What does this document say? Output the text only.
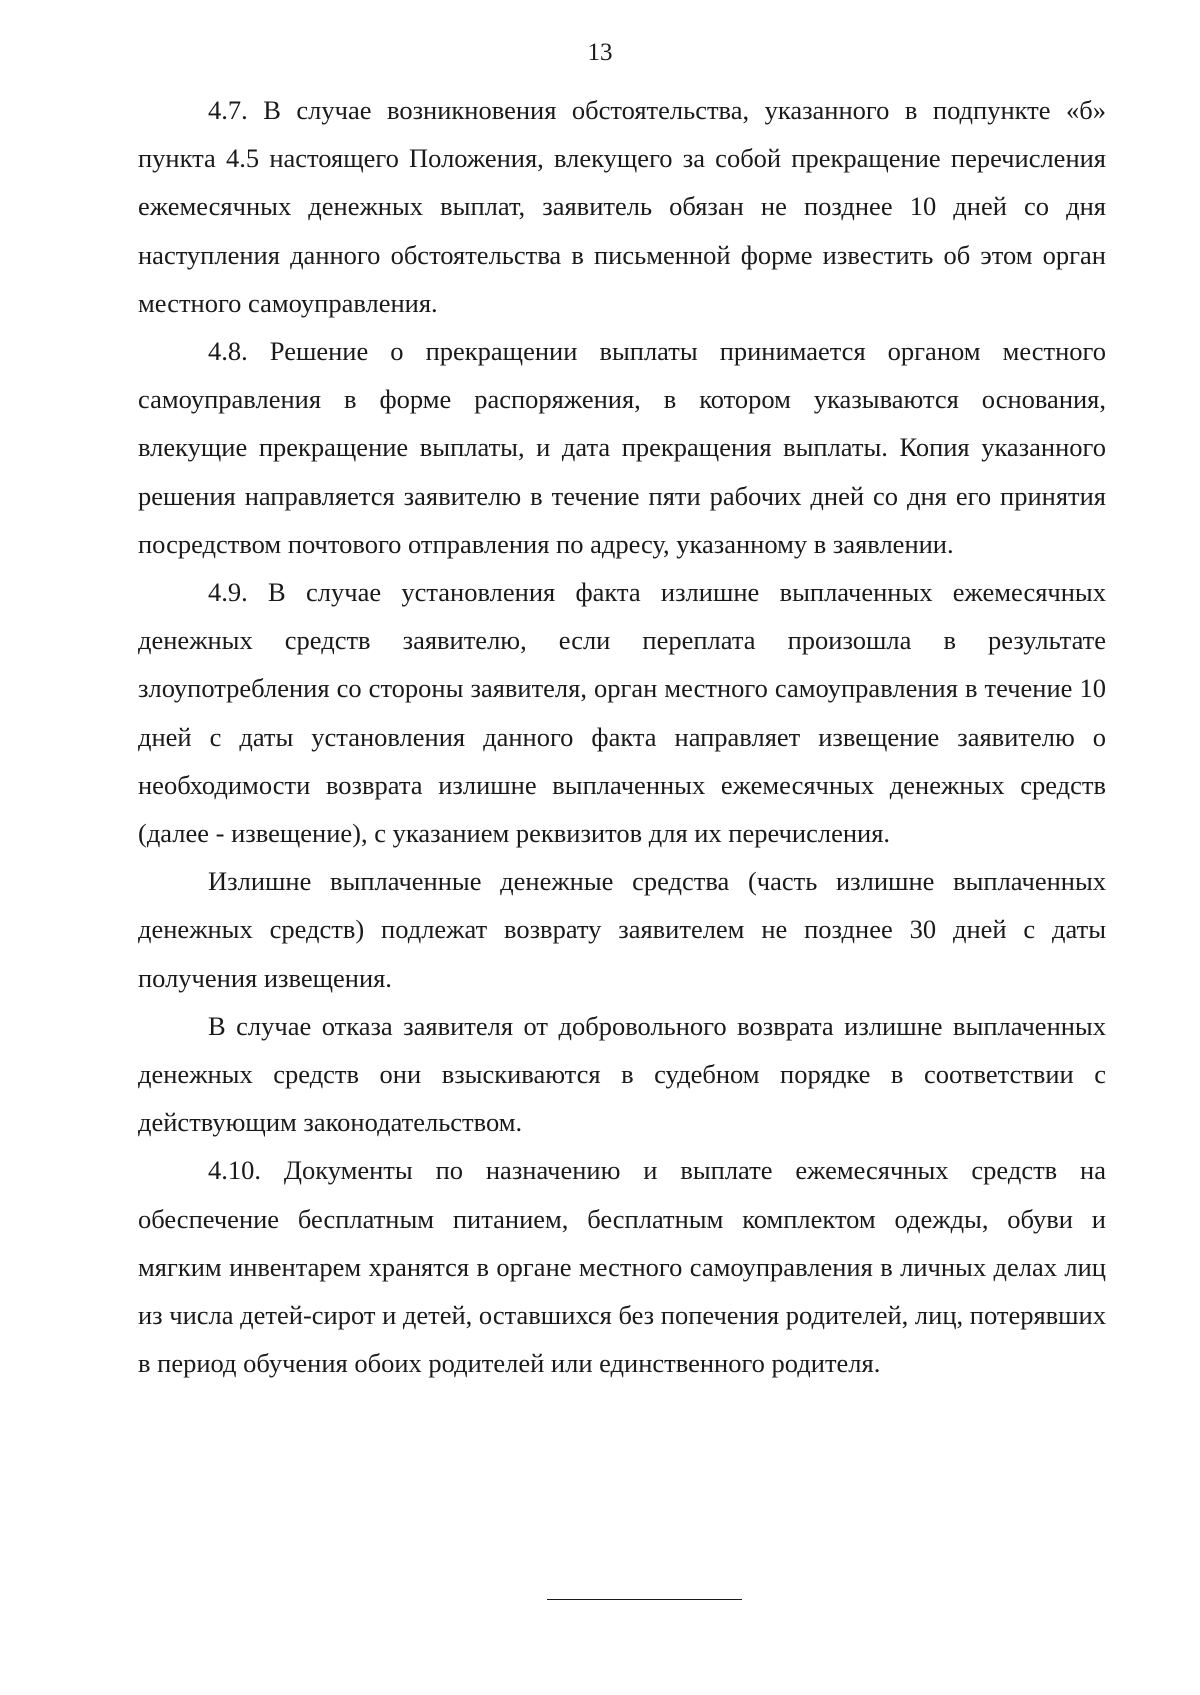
13

4.7. В случае возникновения обстоятельства, указанного в подпункте «б» пункта 4.5 настоящего Положения, влекущего за собой прекращение перечисления ежемесячных денежных выплат, заявитель обязан не позднее 10 дней со дня наступления данного обстоятельства в письменной форме известить об этом орган местного самоуправления.

4.8. Решение о прекращении выплаты принимается органом местного самоуправления в форме распоряжения, в котором указываются основания, влекущие прекращение выплаты, и дата прекращения выплаты. Копия указанного решения направляется заявителю в течение пяти рабочих дней со дня его принятия посредством почтового отправления по адресу, указанному в заявлении.

4.9. В случае установления факта излишне выплаченных ежемесячных денежных средств заявителю, если переплата произошла в результате злоупотребления со стороны заявителя, орган местного самоуправления в течение 10 дней с даты установления данного факта направляет извещение заявителю о необходимости возврата излишне выплаченных ежемесячных денежных средств (далее - извещение), с указанием реквизитов для их перечисления.

Излишне выплаченные денежные средства (часть излишне выплаченных денежных средств) подлежат возврату заявителем не позднее 30 дней с даты получения извещения.

В случае отказа заявителя от добровольного возврата излишне выплаченных денежных средств они взыскиваются в судебном порядке в соответствии с действующим законодательством.

4.10. Документы по назначению и выплате ежемесячных средств на обеспечение бесплатным питанием, бесплатным комплектом одежды, обуви и мягким инвентарем хранятся в органе местного самоуправления в личных делах лиц из числа детей-сирот и детей, оставшихся без попечения родителей, лиц, потерявших в период обучения обоих родителей или единственного родителя.
